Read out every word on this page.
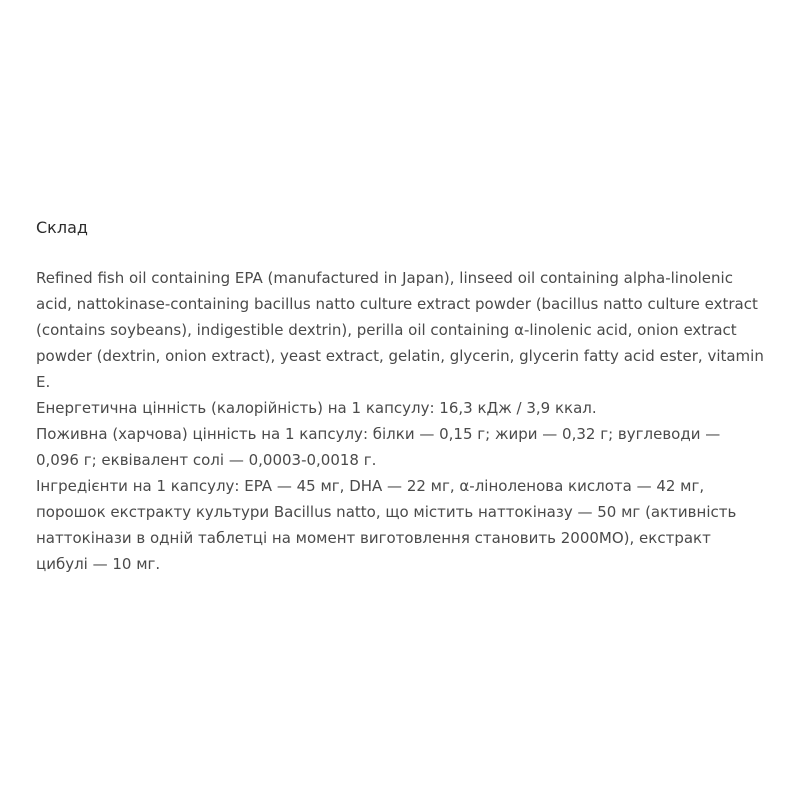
Склад

Refined fish oil containing EPA (manufactured in Japan), linseed oil containing alpha-linolenic acid, nattokinase-containing bacillus natto culture extract powder (bacillus natto culture extract (contains soybeans), indigestible dextrin), perilla oil containing α-linolenic acid, onion extract powder (dextrin, onion extract), yeast extract, gelatin, glycerin, glycerin fatty acid ester, vitamin E.

Енергетична цінність (калорійність) на 1 капсулу: 16,3 кДж / 3,9 ккал.

Поживна (харчова) цінність на 1 капсулу: білки — 0,15 г; жири — 0,32 г; вуглеводи — 0,096 г; еквівалент солі — 0,0003-0,0018 г.

Інгредієнти на 1 капсулу: EPA — 45 мг, DHA — 22 мг, α-ліноленова кислота — 42 мг, порошок екстракту культури Bacillus natto, що містить наттокіназу — 50 мг (активність наттокінази в одній таблетці на момент виготовлення становить 2000МО), екстракт цибулі — 10 мг.
